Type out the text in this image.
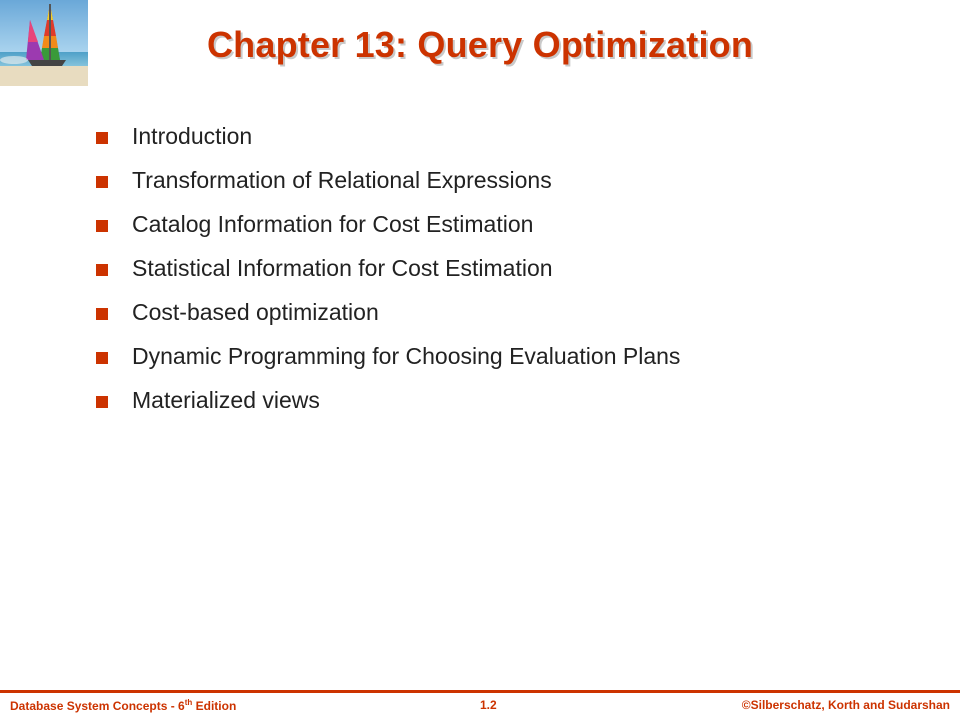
Chapter 13: Query Optimization
Introduction
Transformation of Relational Expressions
Catalog Information for Cost Estimation
Statistical Information for Cost Estimation
Cost-based optimization
Dynamic Programming for Choosing Evaluation Plans
Materialized views
Database System Concepts - 6th Edition	1.2	©Silberschatz, Korth and Sudarshan
